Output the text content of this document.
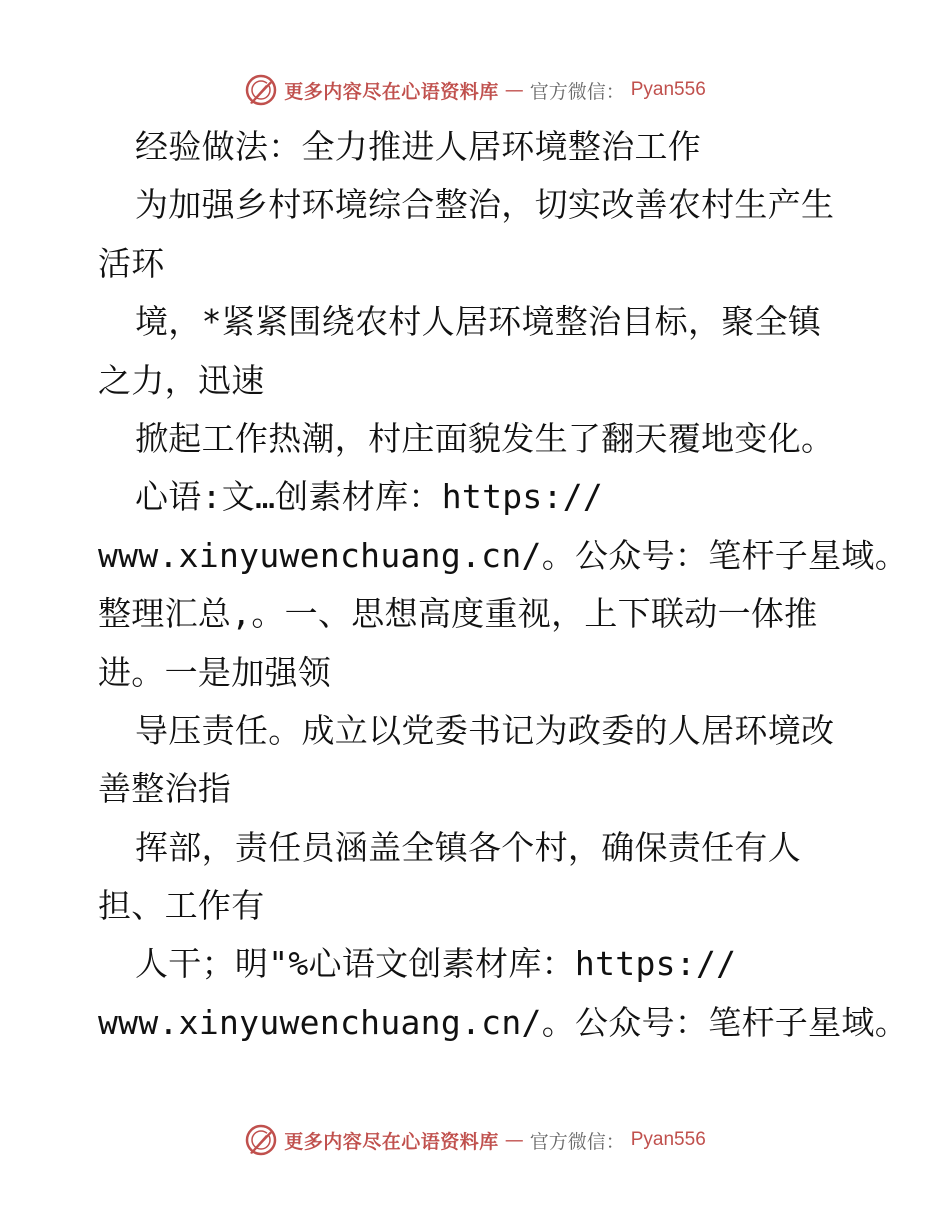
更多内容尽在心语资料库 — 官方微信： Pyan556
经验做法：全力推进人居环境整治工作
为加强乡村环境综合整治，切实改善农村生产生
活环
境，*紧紧围绕农村人居环境整治目标，聚全镇
之力，迅速
掀起工作热潮，村庄面貌发生了翻天覆地变化。
心语:文…创素材库：https://
www.xinyuwenchuang.cn/。公众号：笔杆子星域。
整理汇总,。一、思想高度重视，上下联动一体推
进。一是加强领
导压责任。成立以党委书记为政委的人居环境改
善整治指
挥部，责任员涵盖全镇各个村，确保责任有人
担、工作有
人干；明"%心语文创素材库：https://
www.xinyuwenchuang.cn/。公众号：笔杆子星域。
更多内容尽在心语资料库 — 官方微信： Pyan556
